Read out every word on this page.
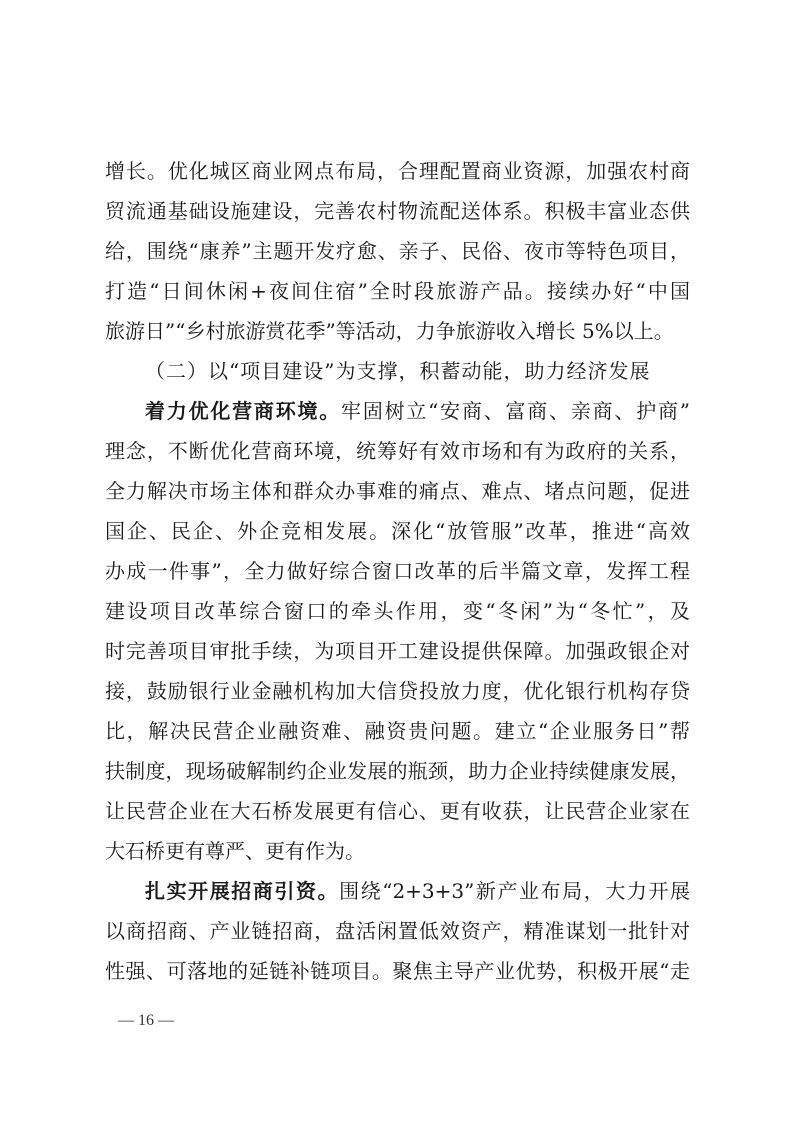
增长。优化城区商业网点布局，合理配置商业资源，加强农村商
贸流通基础设施建设，完善农村物流配送体系。积极丰富业态供
给，围绕“康养”主题开发疗愈、亲子、民俗、夜市等特色项目，
打造“日间休闲+夜间住宿”全时段旅游产品。接续办好“中国
旅游日”“乡村旅游赏花季”等活动，力争旅游收入增长 5%以上。
（二）以“项目建设”为支撑，积蓄动能，助力经济发展
着力优化营商环境。牢固树立“安商、富商、亲商、护商”
理念，不断优化营商环境，统筹好有效市场和有为政府的关系，
全力解决市场主体和群众办事难的痛点、难点、堵点问题，促进
国企、民企、外企竞相发展。深化“放管服”改革，推进“高效
办成一件事”，全力做好综合窗口改革的后半篇文章，发挥工程
建设项目改革综合窗口的牵头作用，变“冬闲”为“冬忙”，及
时完善项目审批手续，为项目开工建设提供保障。加强政银企对
接，鼓励银行业金融机构加大信贷投放力度，优化银行机构存贷
比，解决民营企业融资难、融资贵问题。建立“企业服务日”帮
扶制度，现场破解制约企业发展的瓶颈，助力企业持续健康发展，
让民营企业在大石桥发展更有信心、更有收获，让民营企业家在
大石桥更有尊严、更有作为。
扎实开展招商引资。围绕“2+3+3”新产业布局，大力开展
以商招商、产业链招商，盘活闲置低效资产，精准谋划一批针对
性强、可落地的延链补链项目。聚焦主导产业优势，积极开展“走
— 16 —
